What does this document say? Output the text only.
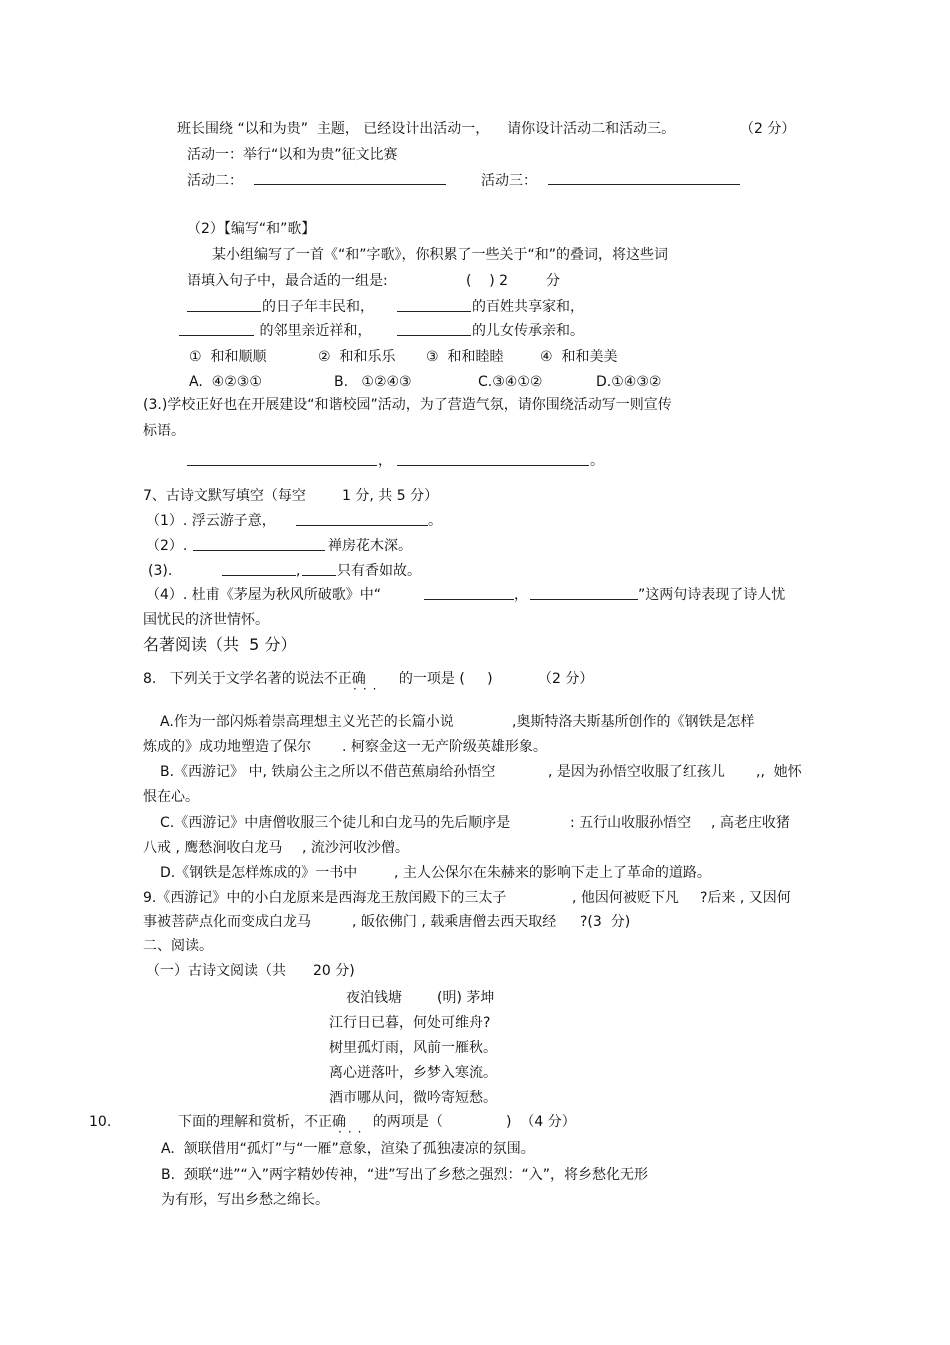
班长围绕 “以和为贵”  主题， 已经设计出活动一，    请你设计活动二和活动三。	（2 分）
活动一：举行“以和为贵”征文比赛
活动二：	活动三：
（2）【编写“和”歌】
某小组编写了一首《“和”字歌》，你积累了一些关于“和”的叠词，将这些词
语填入句子中，最合适的一组是:	(    ) 2	分
的日子年丰民和，	的百姓共享家和，
的邻里亲近祥和，	的儿女传承亲和。
①  和和顺顺	②  和和乐乐 ③  和和睦睦	④  和和美美
A.  ④②③①	B.   ①②④③	C.③④①②	D.①④③②
(3.)学校正好也在开展建设“和谐校园”活动，为了营造气氛，请你围绕活动写一则宣传
标语。
，	。
7、古诗文默写填空（每空	1 分, 共 5 分）
（1）. 浮云游子意，	。
（2）.	禅房花木深。
(3).	,	只有香如故。
（4）. 杜甫《茅屋为秋风所破歌》中“	，	”这两句诗表现了诗人忧
国忧民的济世情怀。
名著阅读（共  5 分）
8.   下列关于文学名著的说法不正确
···
的一项是 (     )	（2 分）
A.作为一部闪烁着崇高理想主义光芒的长篇小说	,奥斯特洛夫斯基所创作的《钢铁是怎样
炼成的》成功地塑造了保尔 . 柯察金这一无产阶级英雄形象。
B.《西游记》 中, 铁扇公主之所以不借芭蕉扇给孙悟空	, 是因为孙悟空收服了红孩儿 ,,  她怀
恨在心。
C.《西游记》中唐僧收服三个徒儿和白龙马的先后顺序是	: 五行山收服孙悟空 , 高老庄收猪
八戒 , 鹰愁涧收白龙马 , 流沙河收沙僧。
D.《钢铁是怎样炼成的》一书中	, 主人公保尔在朱赫来的影响下走上了革命的道路。
9.《西游记》中的小白龙原来是西海龙王敖闰殿下的三太子	, 他因何被贬下凡 ?后来 , 又因何
事被菩萨点化而变成白龙马	, 皈依佛门 , 载乘唐僧去西天取经 ?(3  分)
二、阅读。
（一）古诗文阅读（共 20 分)
夜泊钱塘	(明) 茅坤
江行日已暮，何处可维舟?
树里孤灯雨，风前一雁秋。
离心迸落叶，乡梦入寒流。
酒市哪从问，微吟寄短愁。
10.	下面的理解和赏析，不正确
···
的两项是（	)  （4 分）
A.  颔联借用“孤灯”与“一雁”意象，渲染了孤独凄凉的氛围。
B.  颈联“进”“入”两字精妙传神，“进”写出了乡愁之强烈：“入”，将乡愁化无形
为有形，写出乡愁之绵长。
